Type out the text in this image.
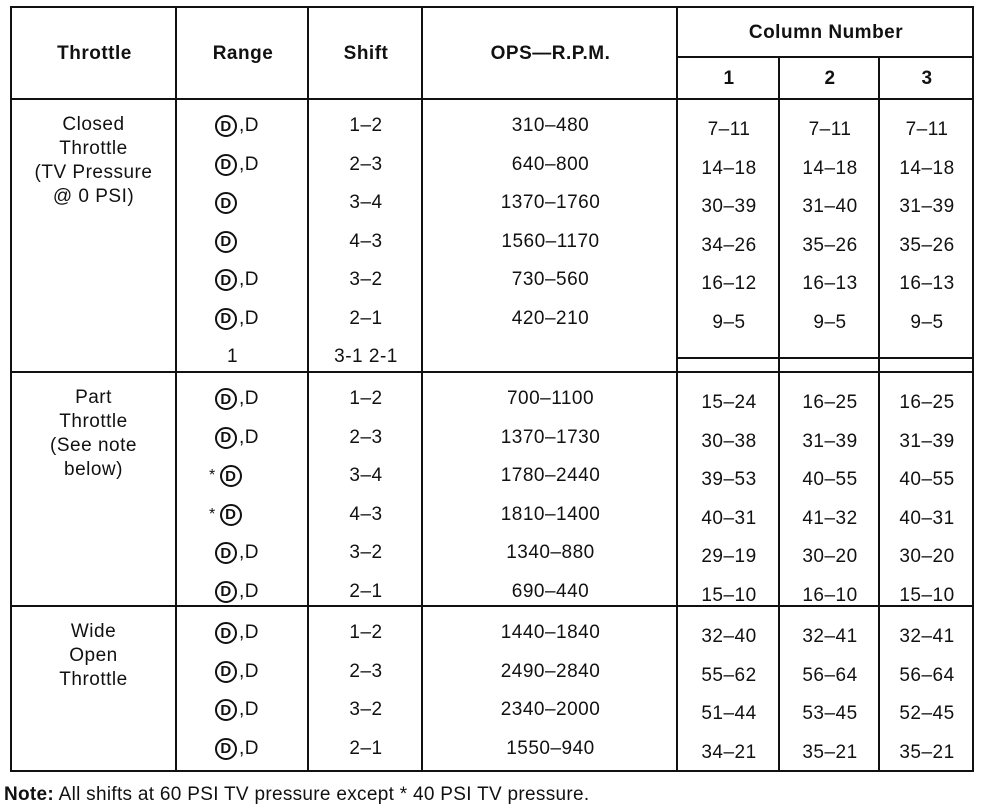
Throttle	Range	Shift	OPS—R.P.M.
Column Number
1	2	3
Closed
Throttle
(TV Pressure
@ 0 PSI)
D ,D	1–2	310–480	7–11	7–11	7–11
D ,D	2–3	640–800	14–18	14–18	14–18
D	3–4	1370–1760	30–39	31–40	31–39
D	4–3	1560–1170	34–26	35–26	35–26
D ,D	3–2	730–560	16–12	16–13	16–13
D ,D	2–1	420–210	9–5	9–5	9–5
1	3-1 2-1
Part
Throttle
(See note
below)
D ,D	1–2	700–1100	15–24	16–25	16–25
D ,D	2–3	1370–1730	30–38	31–39	31–39
* D	3–4	1780–2440	39–53	40–55	40–55
* D	4–3	1810–1400	40–31	41–32	40–31
D ,D	3–2	1340–880	29–19	30–20	30–20
D ,D	2–1	690–440	15–10	16–10	15–10
Wide
Open
Throttle
D ,D	1–2	1440–1840	32–40	32–41	32–41
D ,D	2–3	2490–2840	55–62	56–64	56–64
D ,D	3–2	2340–2000	51–44	53–45	52–45
D ,D	2–1	1550–940	34–21	35–21	35–21
Note: All shifts at 60 PSI TV pressure except * 40 PSI TV pressure.
